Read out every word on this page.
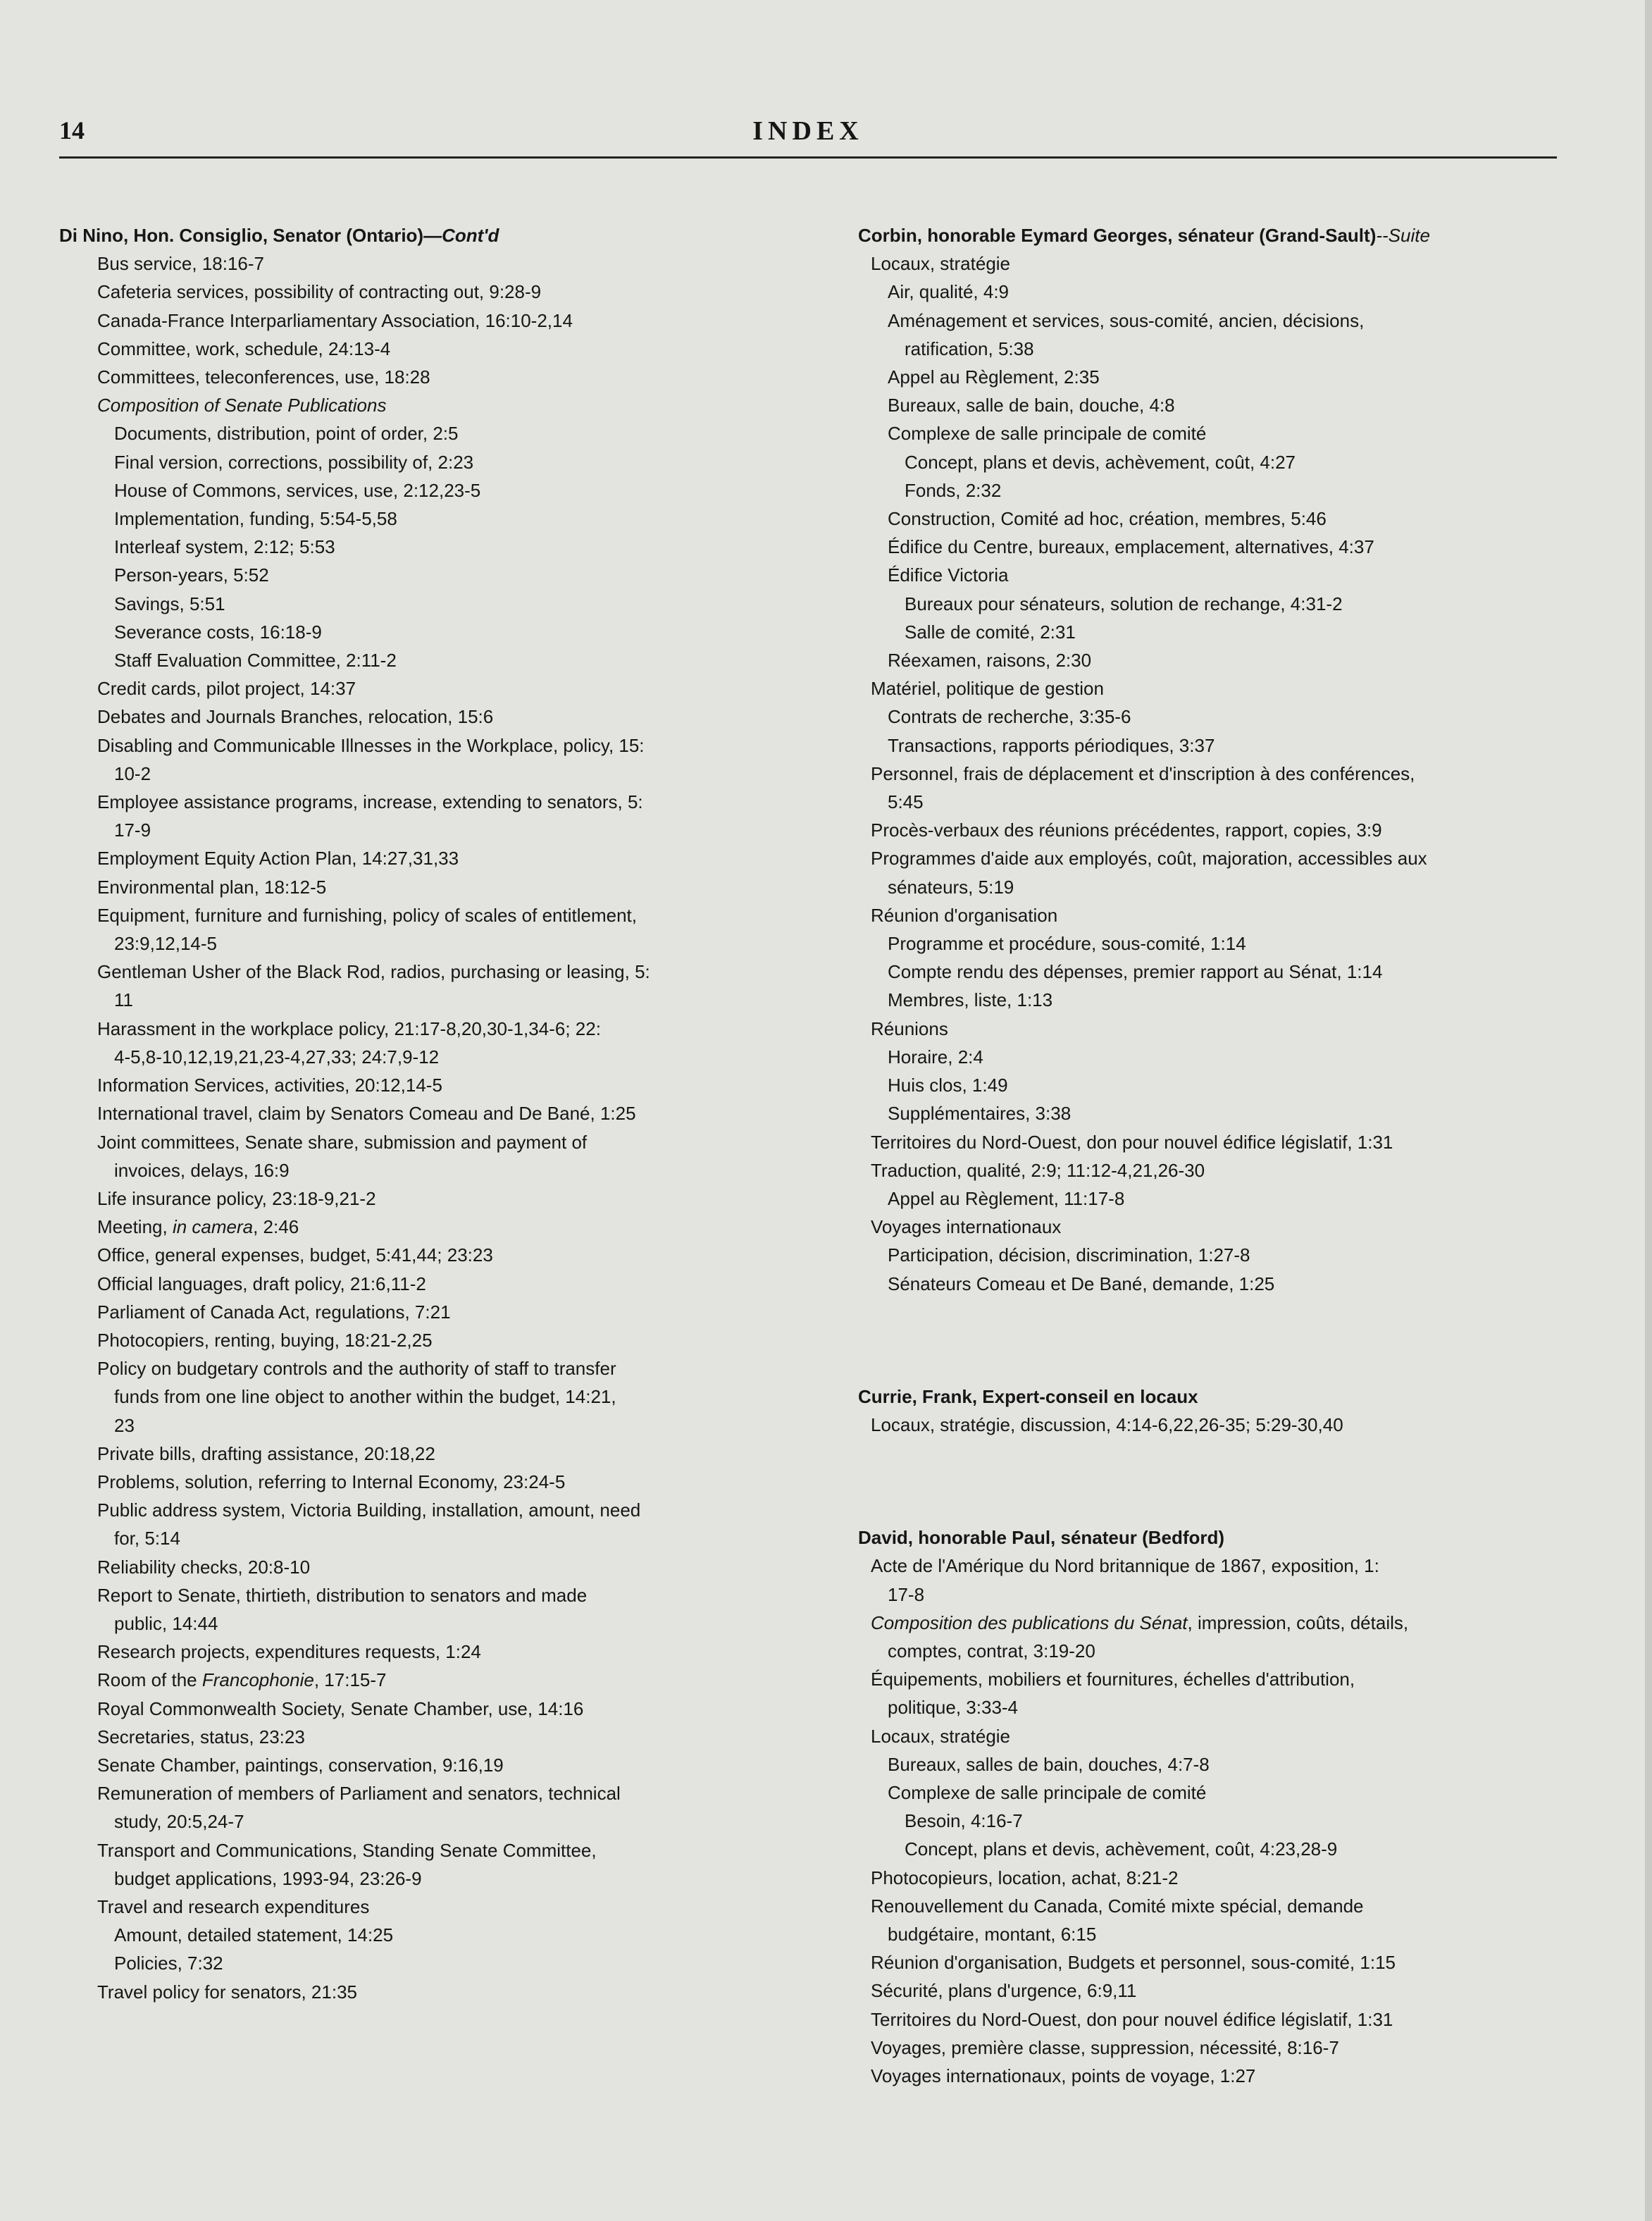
14	INDEX
Di Nino, Hon. Consiglio, Senator (Ontario)—Cont'd
Bus service, 18:16-7
Cafeteria services, possibility of contracting out, 9:28-9
Canada-France Interparliamentary Association, 16:10-2,14
Committee, work, schedule, 24:13-4
Committees, teleconferences, use, 18:28
Composition of Senate Publications
Documents, distribution, point of order, 2:5
Final version, corrections, possibility of, 2:23
House of Commons, services, use, 2:12,23-5
Implementation, funding, 5:54-5,58
Interleaf system, 2:12; 5:53
Person-years, 5:52
Savings, 5:51
Severance costs, 16:18-9
Staff Evaluation Committee, 2:11-2
Credit cards, pilot project, 14:37
Debates and Journals Branches, relocation, 15:6
Disabling and Communicable Illnesses in the Workplace, policy, 15:
10-2
Employee assistance programs, increase, extending to senators, 5:
17-9
Employment Equity Action Plan, 14:27,31,33
Environmental plan, 18:12-5
Equipment, furniture and furnishing, policy of scales of entitlement,
23:9,12,14-5
Gentleman Usher of the Black Rod, radios, purchasing or leasing, 5:
11
Harassment in the workplace policy, 21:17-8,20,30-1,34-6; 22:
4-5,8-10,12,19,21,23-4,27,33; 24:7,9-12
Information Services, activities, 20:12,14-5
International travel, claim by Senators Comeau and De Bané, 1:25
Joint committees, Senate share, submission and payment of
invoices, delays, 16:9
Life insurance policy, 23:18-9,21-2
Meeting, in camera, 2:46
Office, general expenses, budget, 5:41,44; 23:23
Official languages, draft policy, 21:6,11-2
Parliament of Canada Act, regulations, 7:21
Photocopiers, renting, buying, 18:21-2,25
Policy on budgetary controls and the authority of staff to transfer
funds from one line object to another within the budget, 14:21,
23
Private bills, drafting assistance, 20:18,22
Problems, solution, referring to Internal Economy, 23:24-5
Public address system, Victoria Building, installation, amount, need
for, 5:14
Reliability checks, 20:8-10
Report to Senate, thirtieth, distribution to senators and made
public, 14:44
Research projects, expenditures requests, 1:24
Room of the Francophonie, 17:15-7
Royal Commonwealth Society, Senate Chamber, use, 14:16
Secretaries, status, 23:23
Senate Chamber, paintings, conservation, 9:16,19
Remuneration of members of Parliament and senators, technical
study, 20:5,24-7
Transport and Communications, Standing Senate Committee,
budget applications, 1993-94, 23:26-9
Travel and research expenditures
Amount, detailed statement, 14:25
Policies, 7:32
Travel policy for senators, 21:35
Corbin, honorable Eymard Georges, sénateur (Grand-Sault)--Suite
Locaux, stratégie
Air, qualité, 4:9
Aménagement et services, sous-comité, ancien, décisions,
ratification, 5:38
Appel au Règlement, 2:35
Bureaux, salle de bain, douche, 4:8
Complexe de salle principale de comité
Concept, plans et devis, achèvement, coût, 4:27
Fonds, 2:32
Construction, Comité ad hoc, création, membres, 5:46
Édifice du Centre, bureaux, emplacement, alternatives, 4:37
Édifice Victoria
Bureaux pour sénateurs, solution de rechange, 4:31-2
Salle de comité, 2:31
Réexamen, raisons, 2:30
Matériel, politique de gestion
Contrats de recherche, 3:35-6
Transactions, rapports périodiques, 3:37
Personnel, frais de déplacement et d'inscription à des conférences,
5:45
Procès-verbaux des réunions précédentes, rapport, copies, 3:9
Programmes d'aide aux employés, coût, majoration, accessibles aux
sénateurs, 5:19
Réunion d'organisation
Programme et procédure, sous-comité, 1:14
Compte rendu des dépenses, premier rapport au Sénat, 1:14
Membres, liste, 1:13
Réunions
Horaire, 2:4
Huis clos, 1:49
Supplémentaires, 3:38
Territoires du Nord-Ouest, don pour nouvel édifice législatif, 1:31
Traduction, qualité, 2:9; 11:12-4,21,26-30
Appel au Règlement, 11:17-8
Voyages internationaux
Participation, décision, discrimination, 1:27-8
Sénateurs Comeau et De Bané, demande, 1:25
Currie, Frank, Expert-conseil en locaux
Locaux, stratégie, discussion, 4:14-6,22,26-35; 5:29-30,40
David, honorable Paul, sénateur (Bedford)
Acte de l'Amérique du Nord britannique de 1867, exposition, 1:
17-8
Composition des publications du Sénat, impression, coûts, détails,
comptes, contrat, 3:19-20
Équipements, mobiliers et fournitures, échelles d'attribution,
politique, 3:33-4
Locaux, stratégie
Bureaux, salles de bain, douches, 4:7-8
Complexe de salle principale de comité
Besoin, 4:16-7
Concept, plans et devis, achèvement, coût, 4:23,28-9
Photocopieurs, location, achat, 8:21-2
Renouvellement du Canada, Comité mixte spécial, demande
budgétaire, montant, 6:15
Réunion d'organisation, Budgets et personnel, sous-comité, 1:15
Sécurité, plans d'urgence, 6:9,11
Territoires du Nord-Ouest, don pour nouvel édifice législatif, 1:31
Voyages, première classe, suppression, nécessité, 8:16-7
Voyages internationaux, points de voyage, 1:27
